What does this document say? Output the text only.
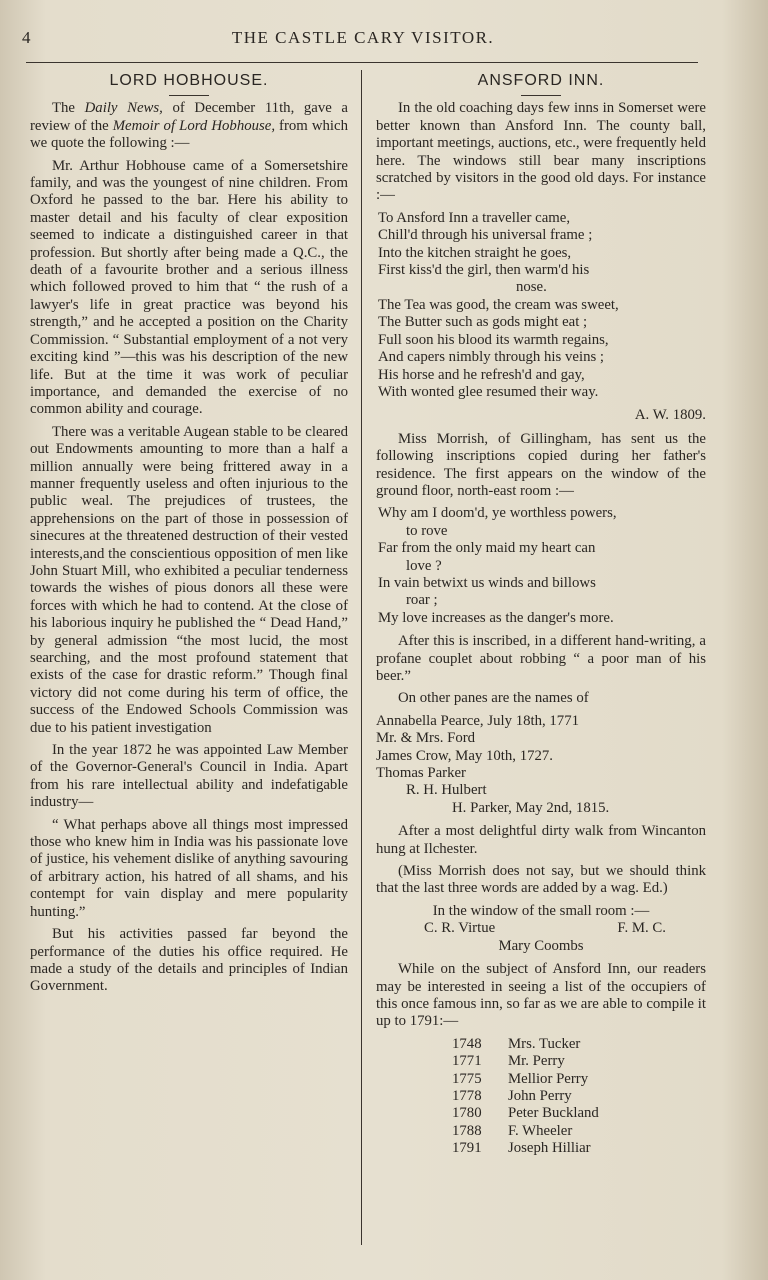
4	THE CASTLE CARY VISITOR.
LORD HOBHOUSE.

The Daily News, of December 11th, gave a review of the Memoir of Lord Hobhouse, from which we quote the following :—

Mr. Arthur Hobhouse came of a Somersetshire family, and was the youngest of nine children. From Oxford he passed to the bar. Here his ability to master detail and his faculty of clear exposition seemed to indicate a distinguished career in that profession. But shortly after being made a Q.C., the death of a favourite brother and a serious illness which followed proved to him that “ the rush of a lawyer's life in great practice was beyond his strength,” and he accepted a position on the Charity Commission. “ Substantial employment of a not very exciting kind ”—this was his description of the new life. But at the time it was work of peculiar importance, and demanded the exercise of no common ability and courage.

There was a veritable Augean stable to be cleared out Endowments amounting to more than a half a million annually were being frittered away in a manner frequently useless and often injurious to the public weal. The prejudices of trustees, the apprehensions on the part of those in possession of sinecures at the threatened destruction of their vested interests,and the conscientious opposition of men like John Stuart Mill, who exhibited a peculiar tenderness towards the wishes of pious donors all these were forces with which he had to contend. At the close of his laborious inquiry he published the “ Dead Hand,” by general admission “the most lucid, the most searching, and the most profound statement that exists of the case for drastic reform.” Though final victory did not come during his term of office, the success of the Endowed Schools Commission was due to his patient investigation

In the year 1872 he was appointed Law Member of the Governor-General's Council in India. Apart from his rare intellectual ability and indefatigable industry—

“ What perhaps above all things most impressed those who knew him in India was his passionate love of justice, his vehement dislike of anything savouring of arbitrary action, his hatred of all shams, and his contempt for vain display and mere popularity hunting.”

But his activities passed far beyond the performance of the duties his office required. He made a study of the details and principles of Indian Government.

ANSFORD INN.

In the old coaching days few inns in Somerset were better known than Ansford Inn. The county ball, important meetings, auctions, etc., were frequently held here. The windows still bear many inscriptions scratched by visitors in the good old days. For instance :—

To Ansford Inn a traveller came,
Chill'd through his universal frame ;
Into the kitchen straight he goes,
First kiss'd the girl, then warm'd his
nose.
The Tea was good, the cream was sweet,
The Butter such as gods might eat ;
Full soon his blood its warmth regains,
And capers nimbly through his veins ;
His horse and he refresh'd and gay,
With wonted glee resumed their way.
A. W. 1809.

Miss Morrish, of Gillingham, has sent us the following inscriptions copied during her father's residence. The first appears on the window of the ground floor, north-east room :—

Why am I doom'd, ye worthless powers,
to rove
Far from the only maid my heart can
love ?
In vain betwixt us winds and billows
roar ;
My love increases as the danger's more.

After this is inscribed, in a different hand-writing, a profane couplet about robbing “ a poor man of his beer.”

On other panes are the names of

Annabella Pearce, July 18th, 1771
Mr. & Mrs. Ford
James Crow, May 10th, 1727.
Thomas Parker
R. H. Hulbert
H. Parker, May 2nd, 1815.

After a most delightful dirty walk from Wincanton hung at Ilchester.

(Miss Morrish does not say, but we should think that the last three words are added by a wag. Ed.)

In the window of the small room :—
C. R. Virtue	F. M. C.
Mary Coombs

While on the subject of Ansford Inn, our readers may be interested in seeing a list of the occupiers of this once famous inn, so far as we are able to compile it up to 1791:—

1748	Mrs. Tucker
1771	Mr. Perry
1775	Mellior Perry
1778	John Perry
1780	Peter Buckland
1788	F. Wheeler
1791	Joseph Hilliar
